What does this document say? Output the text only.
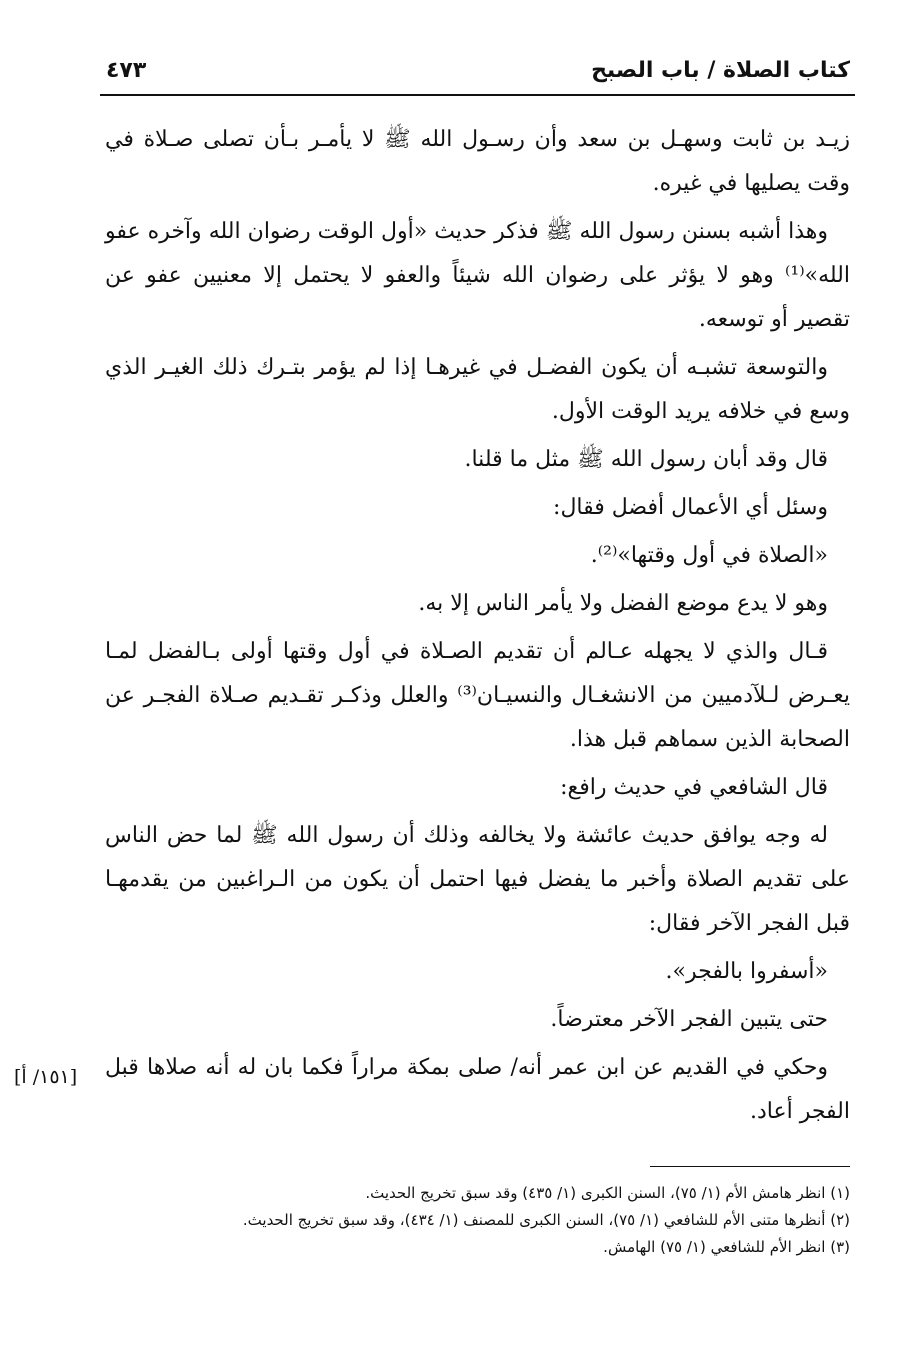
كتاب الصلاة / باب الصبح
٤٧٣

زيـد بن ثابت وسهـل بن سعد وأن رسـول الله ﷺ لا يأمـر بـأن تصلى صـلاة في وقت يصليها في غيره.

وهذا أشبه بسنن رسول الله ﷺ فذكر حديث «أول الوقت رضوان الله وآخره عفو الله»⁽¹⁾ وهو لا يؤثر على رضوان الله شيئاً والعفو لا يحتمل إلا معنيين عفو عن تقصير أو توسعه.

والتوسعة تشبـه أن يكون الفضـل في غيرهـا إذا لم يؤمر بتـرك ذلك الغيـر الذي وسع في خلافه يريد الوقت الأول.

قال وقد أبان رسول الله ﷺ مثل ما قلنا.

وسئل أي الأعمال أفضل فقال:

«الصلاة في أول وقتها»⁽²⁾.

وهو لا يدع موضع الفضل ولا يأمر الناس إلا به.

قـال والذي لا يجهله عـالم أن تقديم الصـلاة في أول وقتها أولى بـالفضل لمـا يعـرض لـلآدميين من الانشغـال والنسيـان⁽³⁾ والعلل وذكـر تقـديم صـلاة الفجـر عن الصحابة الذين سماهم قبل هذا.

قال الشافعي في حديث رافع:

له وجه يوافق حديث عائشة ولا يخالفه وذلك أن رسول الله ﷺ لما حض الناس على تقديم الصلاة وأخبر ما يفضل فيها احتمل أن يكون من الـراغبين من يقدمهـا قبل الفجر الآخر فقال:

«أسفروا بالفجر».

حتى يتبين الفجر الآخر معترضاً.

وحكي في القديم عن ابن عمر أنه/ صلى بمكة مراراً فكما بان له أنه صلاها قبل الفجر أعاد.

[١٥١/ أ]

(١) انظر هامش الأم (١/ ٧٥)، السنن الكبرى (١/ ٤٣٥) وقد سبق تخريج الحديث.

(٢) أنظرها متنى الأم للشافعي (١/ ٧٥)، السنن الكبرى للمصنف (١/ ٤٣٤)، وقد سبق تخريج الحديث.

(٣) انظر الأم للشافعي (١/ ٧٥) الهامش.
